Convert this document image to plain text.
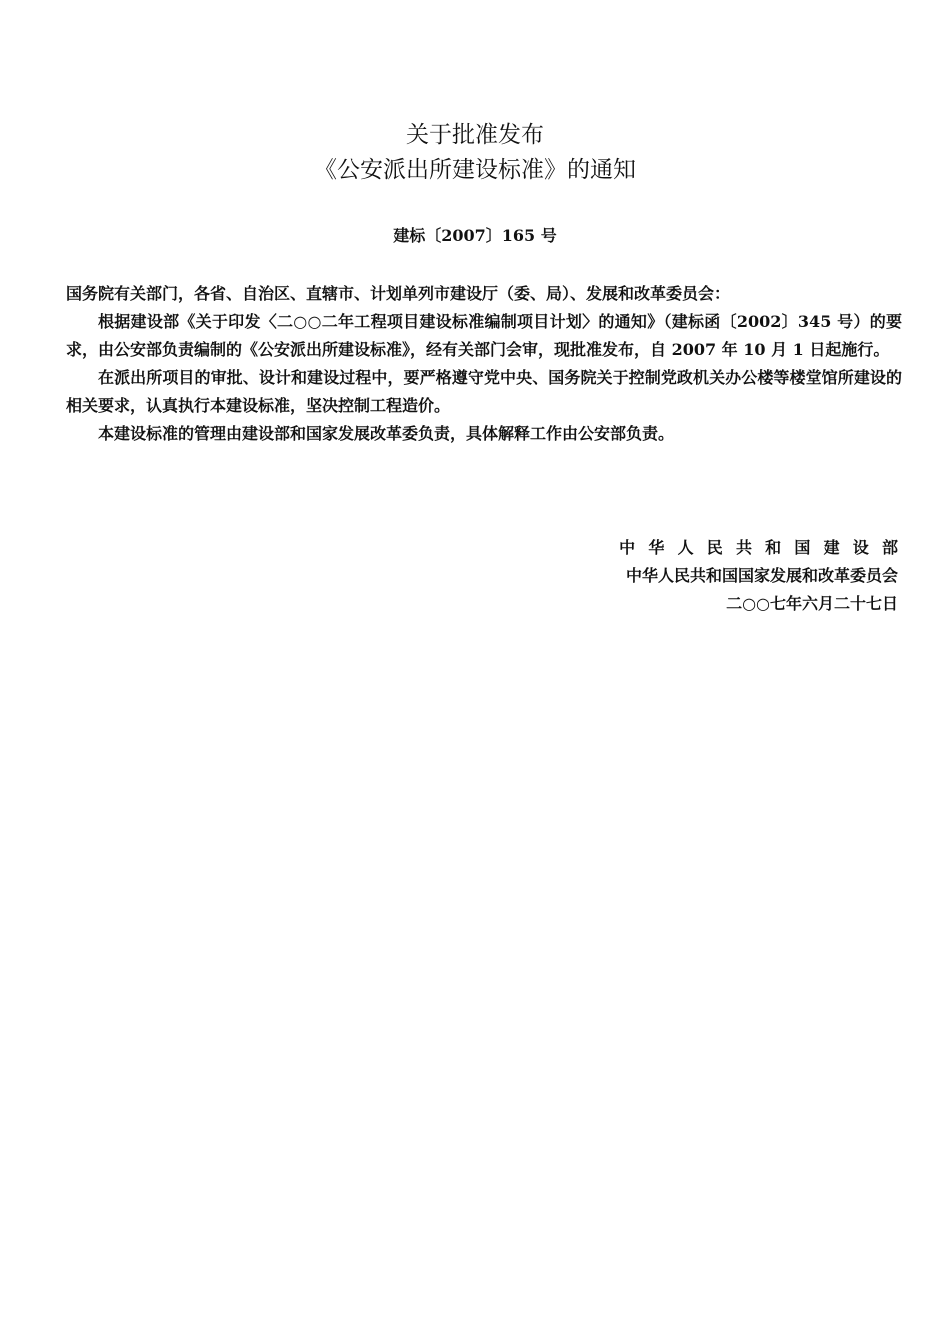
关于批准发布
《公安派出所建设标准》的通知
建标〔2007〕165 号

国务院有关部门，各省、自治区、直辖市、计划单列市建设厅（委、局）、发展和改革委员会：

根据建设部《关于印发〈二○○二年工程项目建设标准编制项目计划〉的通知》（建标函〔2002〕345 号）的要求，由公安部负责编制的《公安派出所建设标准》，经有关部门会审，现批准发布，自 2007 年 10 月 1 日起施行。

在派出所项目的审批、设计和建设过程中，要严格遵守党中央、国务院关于控制党政机关办公楼等楼堂馆所建设的相关要求，认真执行本建设标准，坚决控制工程造价。

本建设标准的管理由建设部和国家发展改革委负责，具体解释工作由公安部负责。

中华人民共和国建设部
中华人民共和国国家发展和改革委员会
二○○七年六月二十七日
